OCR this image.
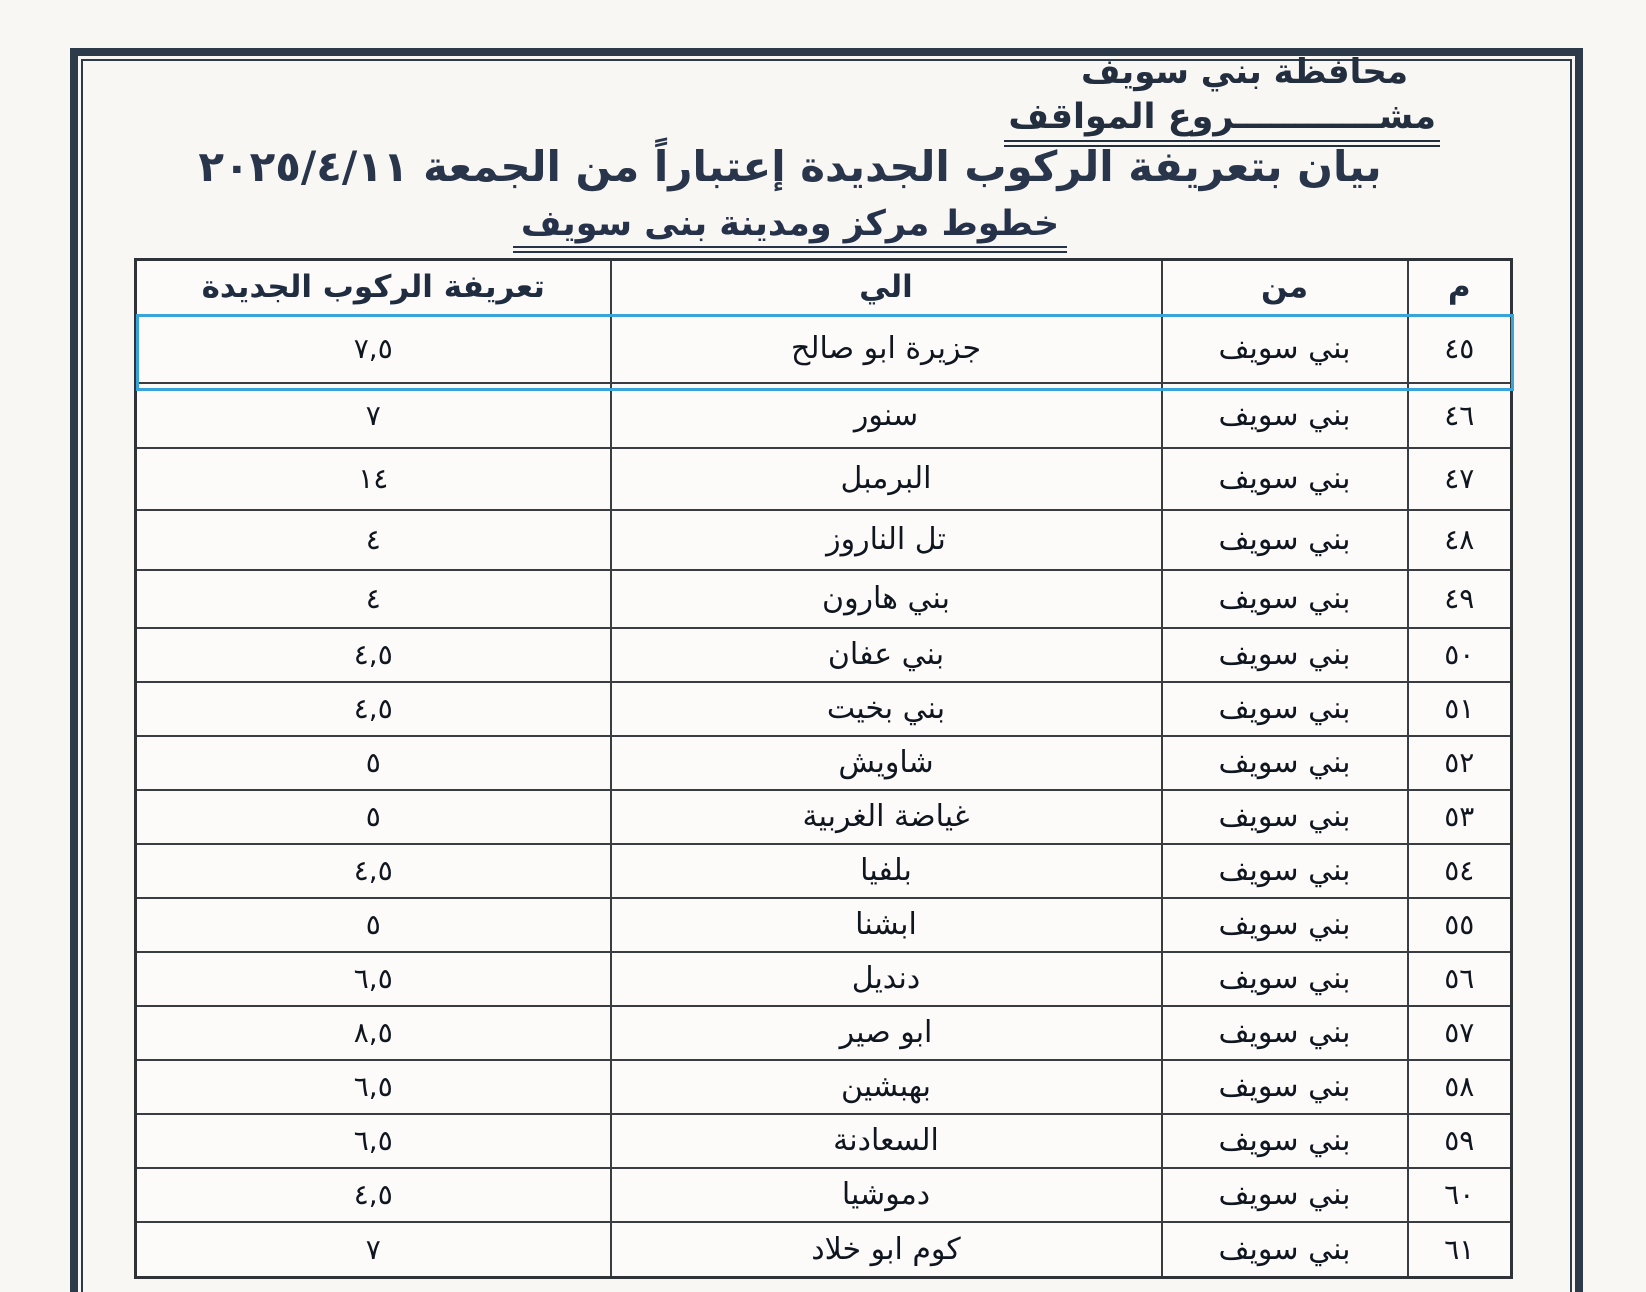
محافظة بني سويف
مشــــــــــــروع المواقف
بيان بتعريفة الركوب الجديدة إعتباراً من الجمعة ٢٠٢٥/٤/١١
خطوط مركز ومدينة بنى سويف
م	من	الي	تعريفة الركوب الجديدة
٤٥	بني سويف	جزيرة ابو صالح	٧,٥
٤٦	بني سويف	سنور	٧
٤٧	بني سويف	البرمبل	١٤
٤٨	بني سويف	تل الناروز	٤
٤٩	بني سويف	بني هارون	٤
٥٠	بني سويف	بني عفان	٤,٥
٥١	بني سويف	بني بخيت	٤,٥
٥٢	بني سويف	شاويش	٥
٥٣	بني سويف	غياضة الغربية	٥
٥٤	بني سويف	بلفيا	٤,٥
٥٥	بني سويف	ابشنا	٥
٥٦	بني سويف	دنديل	٦,٥
٥٧	بني سويف	ابو صير	٨,٥
٥٨	بني سويف	بهبشين	٦,٥
٥٩	بني سويف	السعادنة	٦,٥
٦٠	بني سويف	دموشيا	٤,٥
٦١	بني سويف	كوم ابو خلاد	٧
